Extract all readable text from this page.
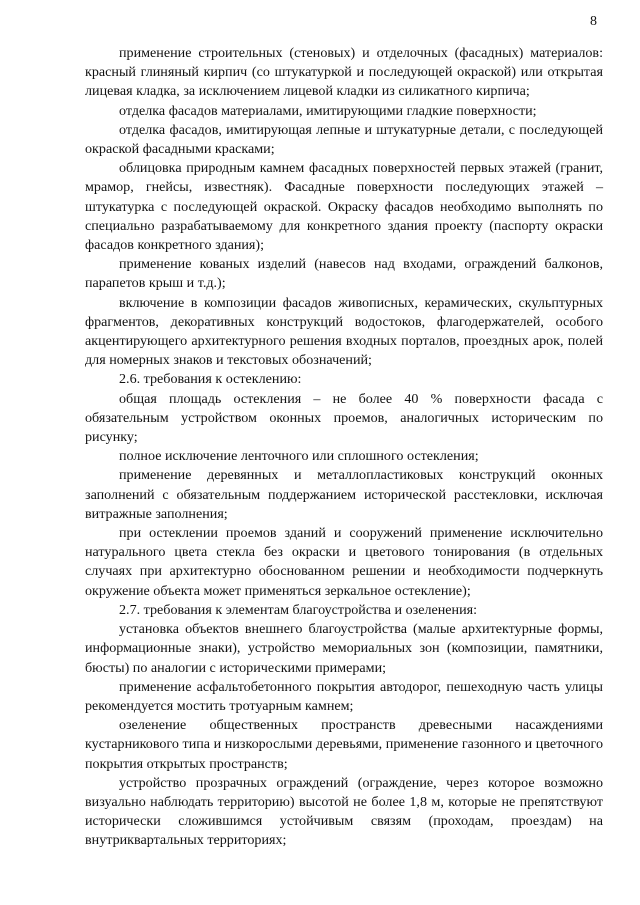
8

применение строительных (стеновых) и отделочных (фасадных) материалов: красный глиняный кирпич (со штукатуркой и последующей окраской) или открытая лицевая кладка, за исключением лицевой кладки из силикатного кирпича;

отделка фасадов материалами, имитирующими гладкие поверхности;

отделка фасадов, имитирующая лепные и штукатурные детали, с последующей окраской фасадными красками;

облицовка природным камнем фасадных поверхностей первых этажей (гранит, мрамор, гнейсы, известняк). Фасадные поверхности последующих этажей – штукатурка с последующей окраской. Окраску фасадов необходимо выполнять по специально разрабатываемому для конкретного здания проекту (паспорту окраски фасадов конкретного здания);

применение кованых изделий (навесов над входами, ограждений балконов, парапетов крыш и т.д.);

включение в композиции фасадов живописных, керамических, скульптурных фрагментов, декоративных конструкций водостоков, флагодержателей, особого акцентирующего архитектурного решения входных порталов, проездных арок, полей для номерных знаков и текстовых обозначений;

2.6. требования к остеклению:

общая площадь остекления – не более 40 % поверхности фасада с обязательным устройством оконных проемов, аналогичных историческим по рисунку;

полное исключение ленточного или сплошного остекления;

применение деревянных и металлопластиковых конструкций оконных заполнений с обязательным поддержанием исторической расстекловки, исключая витражные заполнения;

при остеклении проемов зданий и сооружений применение исключительно натурального цвета стекла без окраски и цветового тонирования (в отдельных случаях при архитектурно обоснованном решении и необходимости подчеркнуть окружение объекта может применяться зеркальное остекление);

2.7. требования к элементам благоустройства и озеленения:

установка объектов внешнего благоустройства (малые архитектурные формы, информационные знаки), устройство мемориальных зон (композиции, памятники, бюсты) по аналогии с историческими примерами;

применение асфальтобетонного покрытия автодорог, пешеходную часть улицы рекомендуется мостить тротуарным камнем;

озеленение общественных пространств древесными насаждениями кустарникового типа и низкорослыми деревьями, применение газонного и цветочного покрытия открытых пространств;

устройство прозрачных ограждений (ограждение, через которое возможно визуально наблюдать территорию) высотой не более 1,8 м, которые не препятствуют исторически сложившимся устойчивым связям (проходам, проездам) на внутриквартальных территориях;
